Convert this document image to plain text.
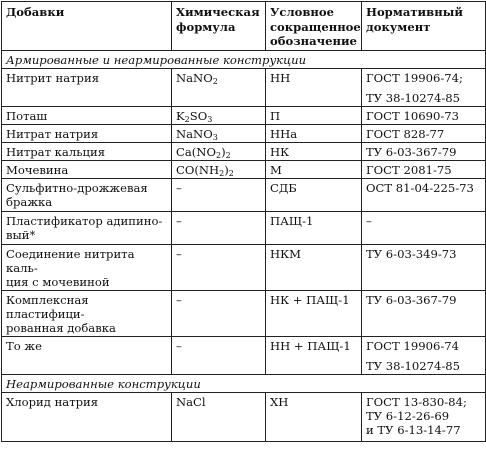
Добавки	Химическая формула	Условное сокращенное обозначение	Нормативный документ
Армированные и неармированные конструкции			
Нитрит натрия	NaNO$_2$	НН	ГОСТ 19906-74;
ТУ 38-10274-85

Поташ	$K_2SO_3$	П	ГОСТ 10690-73
Нитрат натрия	NaNO$_3$	ННа	ГОСТ 828-77
Нитрат кальция	$Ca(NO_2)_2$	НК	ТУ 6-03-367-79
Мочевина	$CO(NH_2)_2$	М	ГОСТ 2081-75

Сульфитно-дрожжевая
бражка	–	СДБ	ОСТ 81-04-225-73

Пластификатор адипино-
вый*	–	ПАЩ-1	–

Соединение нитрита каль-
ция с мочевиной	–	НКМ	ТУ 6-03-349-73

Комплексная пластифици-
рованная добавка	–	НК + ПАЩ-1	ТУ 6-03-367-79
То же	–	НН + ПАЩ-1	ГОСТ 19906-74
ТУ 38-10274-85

Неармированные конструкции			
Хлорид натрия	NaCl	ХН	ГОСТ 13-830-84;
ТУ 6-12-26-69
и ТУ 6-13-14-77
